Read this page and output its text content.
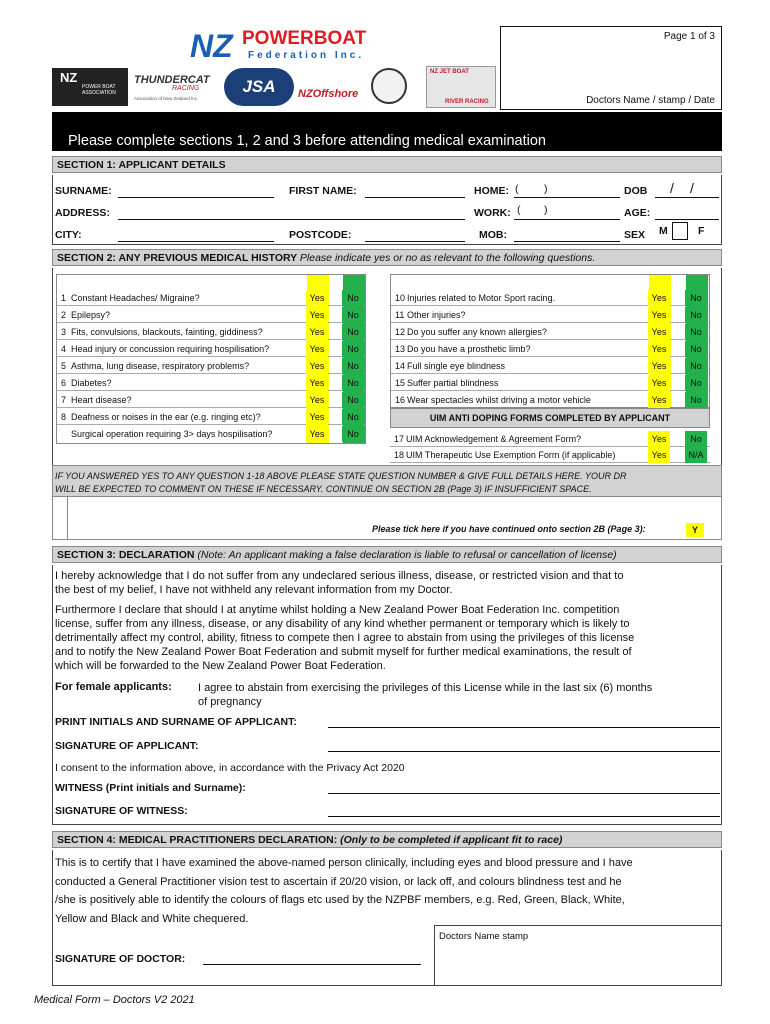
NZ POWERBOAT
Federation Inc.
NZ
POWER BOAT ASSOCIATION
THUNDERCAT
RACING
Association of New Zealand Inc.
JSA	NZOffshore
NZ JET BOAT
RIVER RACING
Page 1 of 3
Doctors Name / stamp / Date
Please complete sections 1, 2 and 3 before attending medical examination
SECTION 1: APPLICANT DETAILS
SURNAME:	FIRST NAME:	HOME: ( )	DOB / /
ADDRESS:	WORK: ( )	AGE:
CITY:	POSTCODE:	MOB:	SEX M	F
SECTION 2: ANY PREVIOUS MEDICAL HISTORY Please indicate yes or no as relevant to the following questions.
1 Constant Headaches/ Migraine?	Yes	No
2 Epilepsy?	Yes	No
3 Fits, convulsions, blackouts, fainting, giddiness?	Yes	No
4 Head injury or concussion requiring hospilisation?	Yes	No
5 Asthma, lung disease, respiratory problems?	Yes	No
6 Diabetes?	Yes	No
7 Heart disease?	Yes	No
8 Deafness or noises in the ear (e.g. ringing etc)?	Yes	No
Surgical operation requiring 3> days hospilisation?	Yes	No
10 Injuries related to Motor Sport racing.	Yes	No
11 Other injuries?	Yes	No
12 Do you suffer any known allergies?	Yes	No
13 Do you have a prosthetic limb?	Yes	No
14 Full single eye blindness	Yes	No
15 Suffer partial blindness	Yes	No
16 Wear spectacles whilst driving a motor vehicle	Yes	No
UIM ANTI DOPING FORMS COMPLETED BY APPLICANT
17 UIM Acknowledgement & Agreement Form?	Yes	No
18 UIM Therapeutic Use Exemption Form (if applicable)	Yes	N/A
IF YOU ANSWERED YES TO ANY QUESTION 1-18 ABOVE PLEASE STATE QUESTION NUMBER & GIVE FULL DETAILS HERE. YOUR DR
WILL BE EXPECTED TO COMMENT ON THESE IF NECESSARY. CONTINUE ON SECTION 2B (Page 3) IF INSUFFICIENT SPACE.
Please tick here if you have continued onto section 2B (Page 3):	Y
SECTION 3: DECLARATION (Note: An applicant making a false declaration is liable to refusal or cancellation of license)
I hereby acknowledge that I do not suffer from any undeclared serious illness, disease, or restricted vision and that to
the best of my belief, I have not withheld any relevant information from my Doctor.
Furthermore I declare that should I at anytime whilst holding a New Zealand Power Boat Federation Inc. competition
license, suffer from any illness, disease, or any disability of any kind whether permanent or temporary which is likely to
detrimentally affect my control, ability, fitness to compete then I agree to abstain from using the privileges of this license
and to notify the New Zealand Power Boat Federation and submit myself for further medical examinations, the result of
which will be forwarded to the New Zealand Power Boat Federation.
For female applicants: I agree to abstain from exercising the privileges of this License while in the last six (6) months
of pregnancy
PRINT INITIALS AND SURNAME OF APPLICANT:
SIGNATURE OF APPLICANT:
I consent to the information above, in accordance with the Privacy Act 2020
WITNESS (Print initials and Surname):
SIGNATURE OF WITNESS:
SECTION 4: MEDICAL PRACTITIONERS DECLARATION: (Only to be completed if applicant fit to race)
This is to certify that I have examined the above-named person clinically, including eyes and blood pressure and I have
conducted a General Practitioner vision test to ascertain if 20/20 vision, or lack off, and colours blindness test and he
/she is positively able to identify the colours of flags etc used by the NZPBF members, e.g. Red, Green, Black, White,
Yellow and Black and White chequered.
Doctors Name stamp
SIGNATURE OF DOCTOR:
Medical Form – Doctors V2 2021
